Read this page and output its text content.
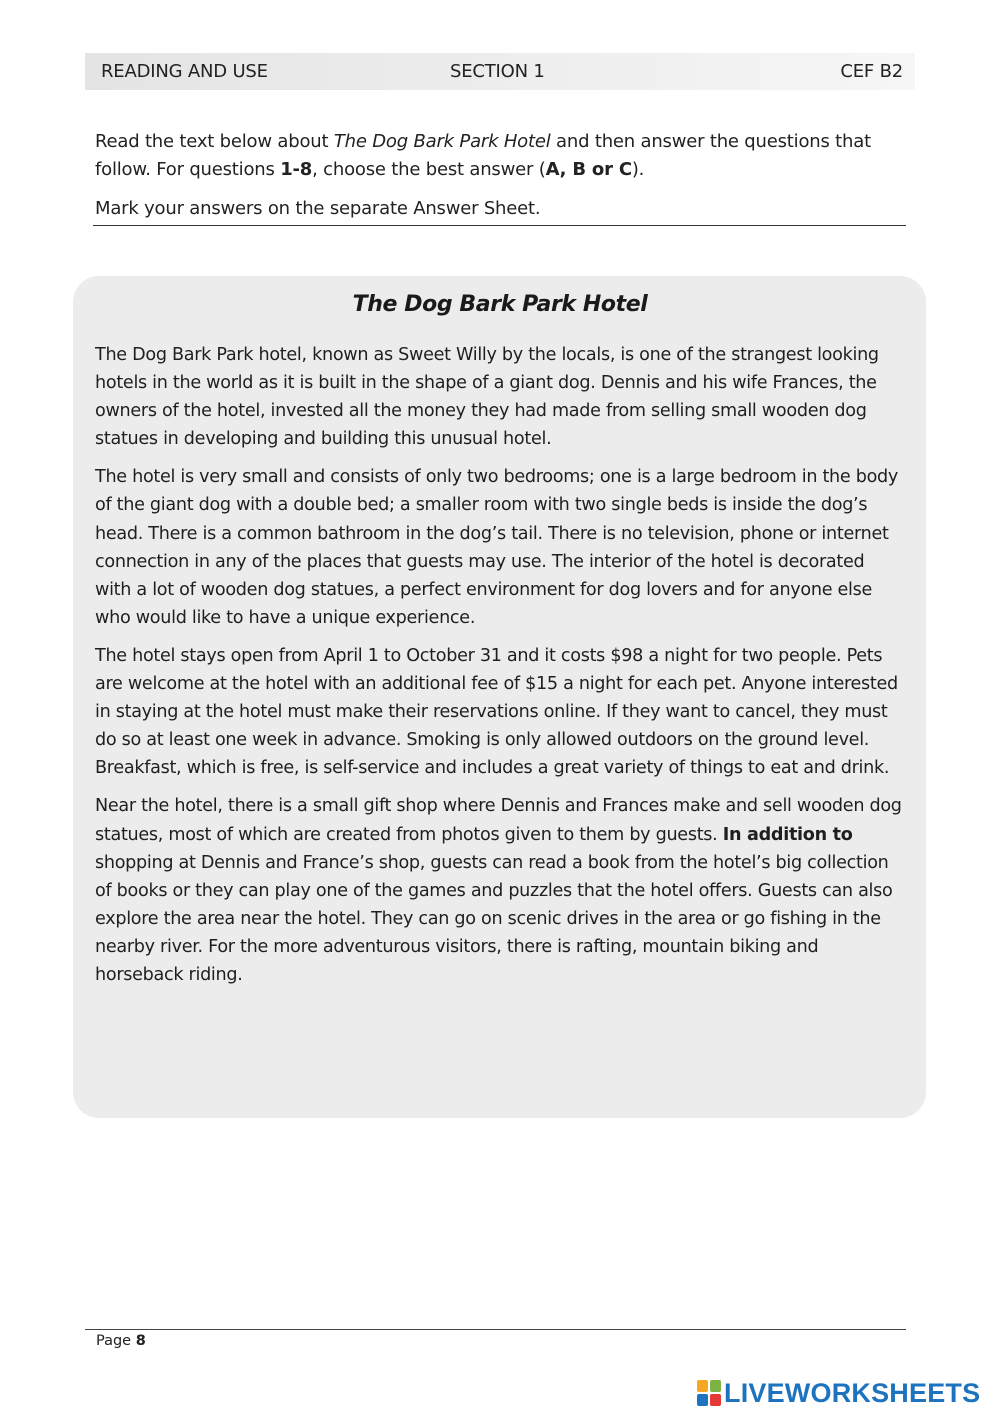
READING AND USE	SECTION 1	CEF B2

Read the text below about The Dog Bark Park Hotel and then answer the questions that follow. For questions 1-8, choose the best answer (A, B or C).

Mark your answers on the separate Answer Sheet.

The Dog Bark Park Hotel

The Dog Bark Park hotel, known as Sweet Willy by the locals, is one of the strangest looking hotels in the world as it is built in the shape of a giant dog. Dennis and his wife Frances, the owners of the hotel, invested all the money they had made from selling small wooden dog statues in developing and building this unusual hotel.

The hotel is very small and consists of only two bedrooms; one is a large bedroom in the body of the giant dog with a double bed; a smaller room with two single beds is inside the dog’s head. There is a common bathroom in the dog’s tail. There is no television, phone or internet connection in any of the places that guests may use. The interior of the hotel is decorated with a lot of wooden dog statues, a perfect environment for dog lovers and for anyone else who would like to have a unique experience.

The hotel stays open from April 1 to October 31 and it costs $98 a night for two people. Pets are welcome at the hotel with an additional fee of $15 a night for each pet. Anyone interested in staying at the hotel must make their reservations online. If they want to cancel, they must do so at least one week in advance. Smoking is only allowed outdoors on the ground level. Breakfast, which is free, is self-service and includes a great variety of things to eat and drink.

Near the hotel, there is a small gift shop where Dennis and Frances make and sell wooden dog statues, most of which are created from photos given to them by guests. In addition to shopping at Dennis and France’s shop, guests can read a book from the hotel’s big collection of books or they can play one of the games and puzzles that the hotel offers. Guests can also explore the area near the hotel. They can go on scenic drives in the area or go fishing in the nearby river. For the more adventurous visitors, there is rafting, mountain biking and horseback riding.

Page 8
LIVEWORKSHEETS
